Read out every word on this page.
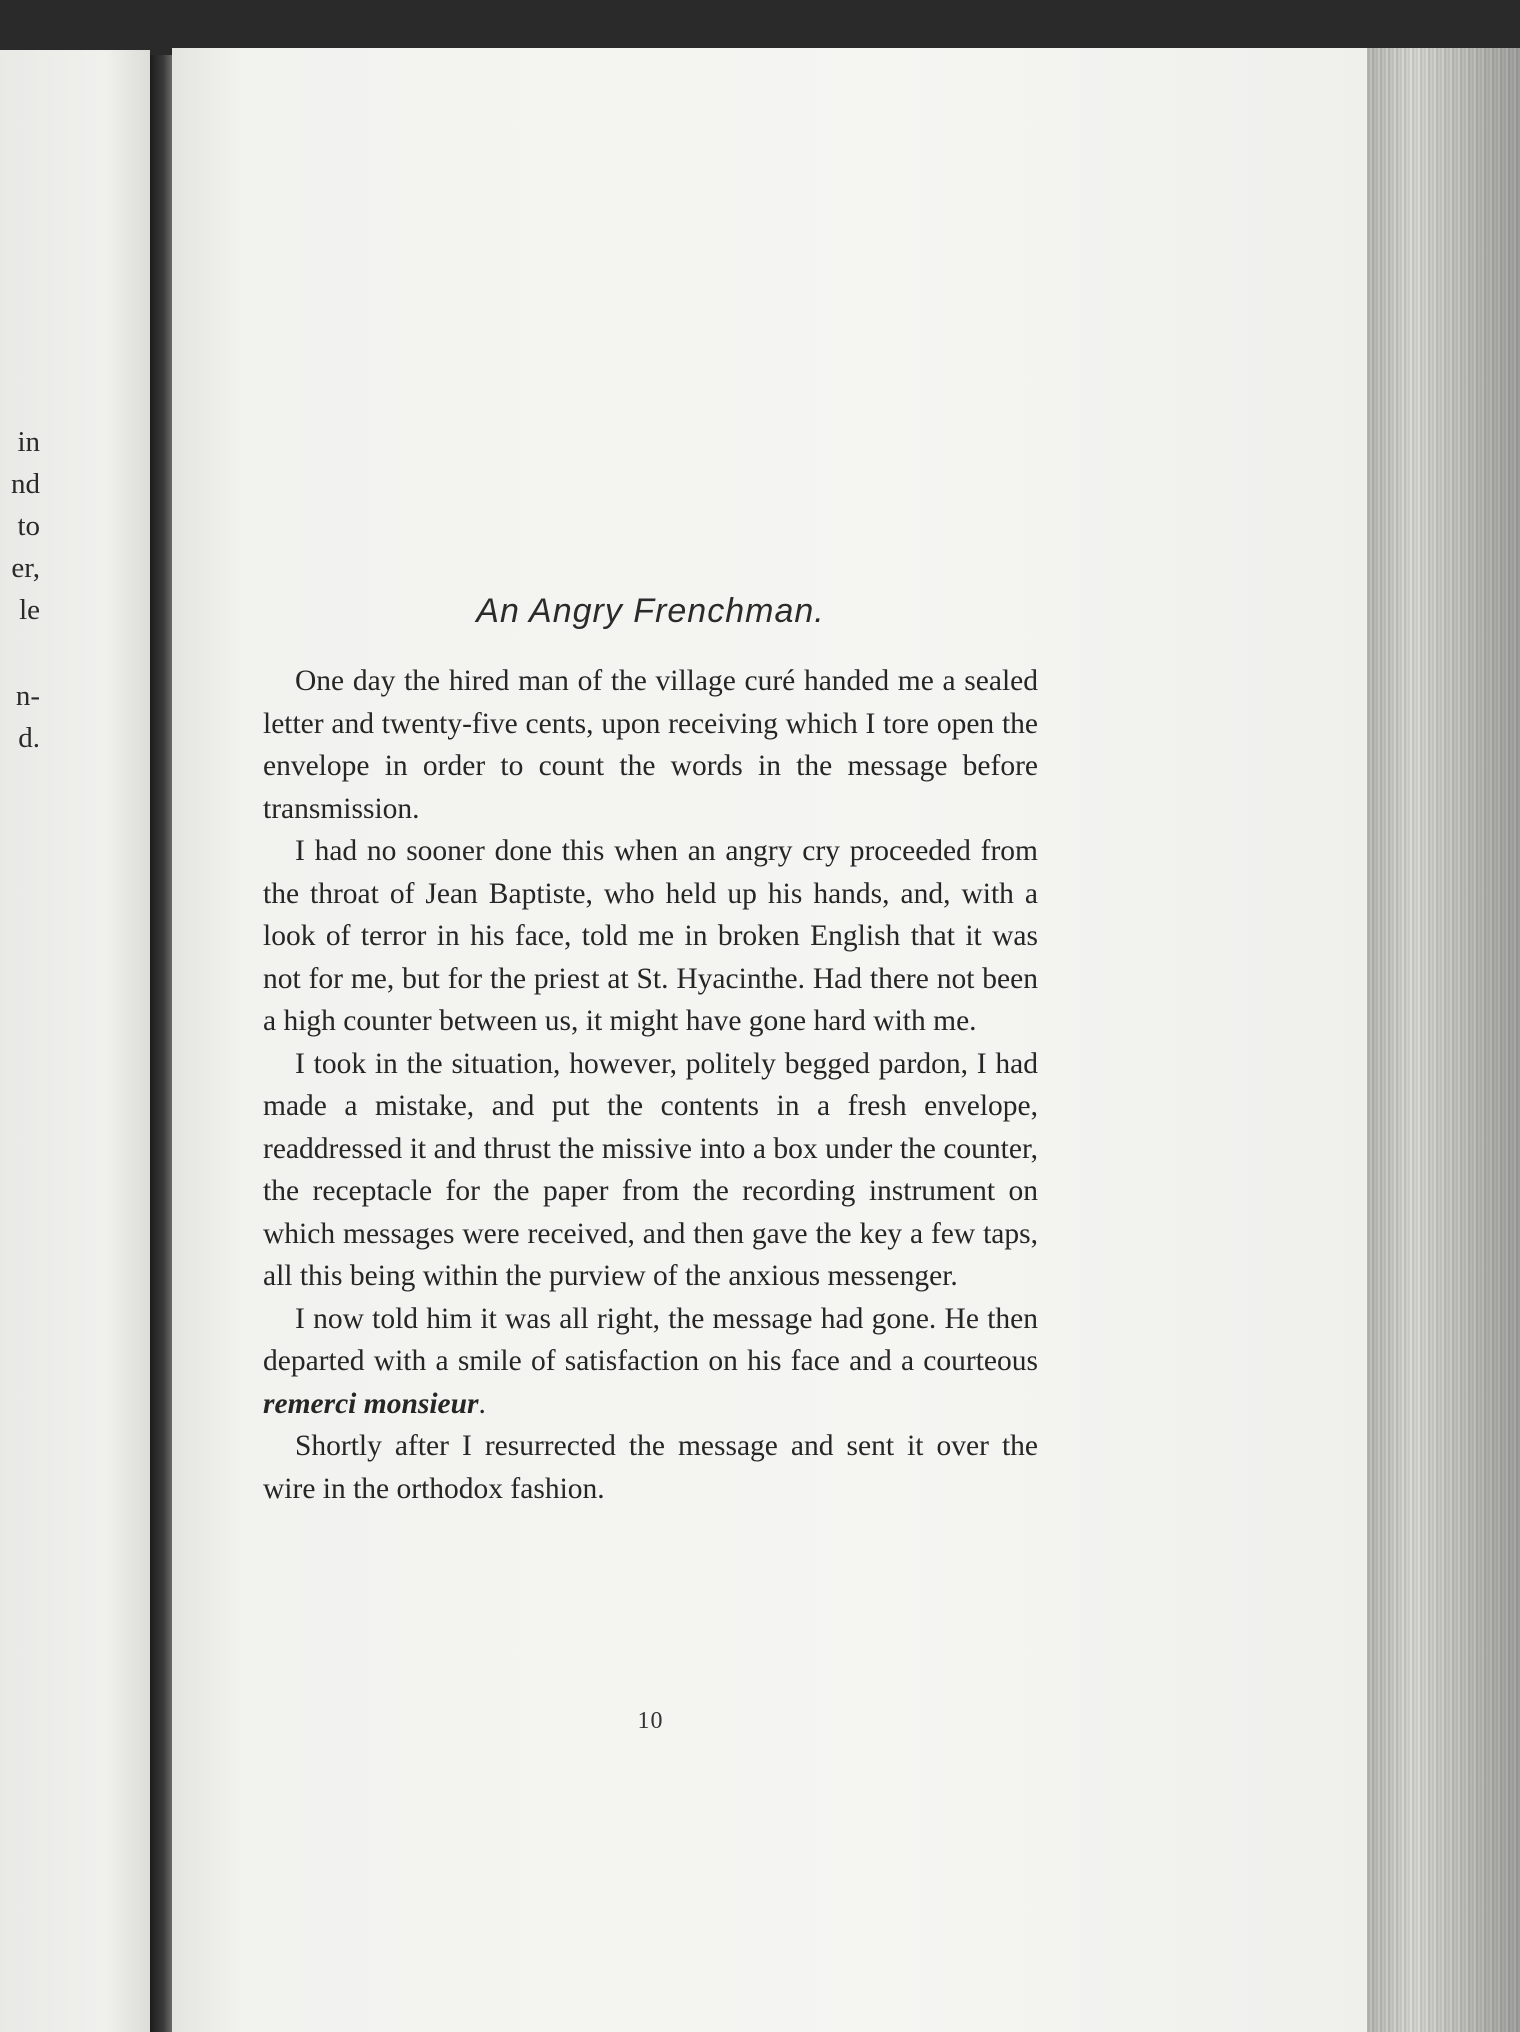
in
nd
to
er,
le
n-
d.
An Angry Frenchman.

One day the hired man of the village curé handed me a sealed letter and twenty-five cents, upon receiving which I tore open the envelope in order to count the words in the message before transmission.

I had no sooner done this when an angry cry proceeded from the throat of Jean Baptiste, who held up his hands, and, with a look of terror in his face, told me in broken English that it was not for me, but for the priest at St. Hyacinthe. Had there not been a high counter between us, it might have gone hard with me.

I took in the situation, however, politely begged pardon, I had made a mistake, and put the contents in a fresh envelope, readdressed it and thrust the missive into a box under the counter, the receptacle for the paper from the recording instrument on which messages were received, and then gave the key a few taps, all this being within the purview of the anxious messenger.

I now told him it was all right, the message had gone. He then departed with a smile of satisfaction on his face and a courteous remerci monsieur.

Shortly after I resurrected the message and sent it over the wire in the orthodox fashion.

10
